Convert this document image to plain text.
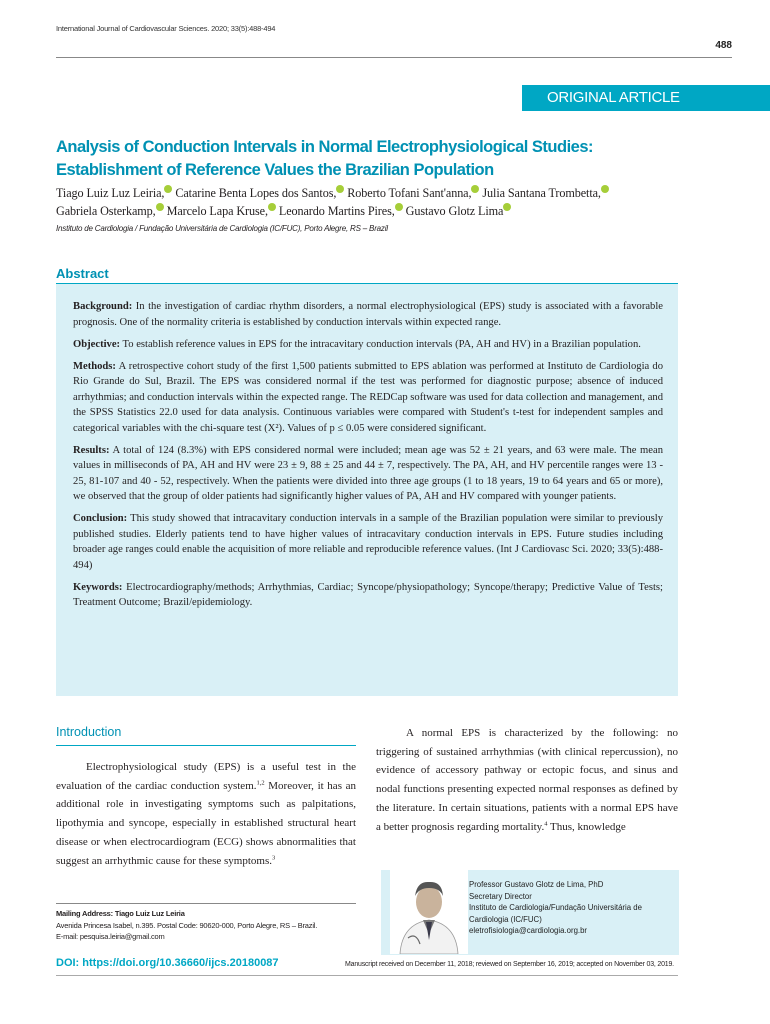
International Journal of Cardiovascular Sciences. 2020; 33(5):488-494
488
ORIGINAL ARTICLE
Analysis of Conduction Intervals in Normal Electrophysiological Studies: Establishment of Reference Values the Brazilian Population
Tiago Luiz Luz Leiria, Catarine Benta Lopes dos Santos, Roberto Tofani Sant'anna, Julia Santana Trombetta,
Gabriela Osterkamp, Marcelo Lapa Kruse, Leonardo Martins Pires, Gustavo Glotz Lima
Instituto de Cardiologia / Fundação Universitária de Cardiologia (IC/FUC), Porto Alegre, RS – Brazil
Abstract

Background: In the investigation of cardiac rhythm disorders, a normal electrophysiological (EPS) study is associated with a favorable prognosis. One of the normality criteria is established by conduction intervals within expected range.

Objective: To establish reference values in EPS for the intracavitary conduction intervals (PA, AH and HV) in a Brazilian population.

Methods: A retrospective cohort study of the first 1,500 patients submitted to EPS ablation was performed at Instituto de Cardiologia do Rio Grande do Sul, Brazil. The EPS was considered normal if the test was performed for diagnostic purpose; absence of induced arrhythmias; and conduction intervals within the expected range. The REDCap software was used for data collection and management, and the SPSS Statistics 22.0 used for data analysis. Continuous variables were compared with Student's t-test for independent samples and categorical variables with the chi-square test (X²). Values of p ≤ 0.05 were considered significant.

Results: A total of 124 (8.3%) with EPS considered normal were included; mean age was 52 ± 21 years, and 63 were male. The mean values in milliseconds of PA, AH and HV were 23 ± 9, 88 ± 25 and 44 ± 7, respectively. The PA, AH, and HV percentile ranges were 13 - 25, 81-107 and 40 - 52, respectively. When the patients were divided into three age groups (1 to 18 years, 19 to 64 years and 65 or more), we observed that the group of older patients had significantly higher values of PA, AH and HV compared with younger patients.

Conclusion: This study showed that intracavitary conduction intervals in a sample of the Brazilian population were similar to previously published studies. Elderly patients tend to have higher values of intracavitary conduction intervals in EPS. Future studies including broader age ranges could enable the acquisition of more reliable and reproducible reference values. (Int J Cardiovasc Sci. 2020; 33(5):488-494)

Keywords: Electrocardiography/methods; Arrhythmias, Cardiac; Syncope/physiopathology; Syncope/therapy; Predictive Value of Tests; Treatment Outcome; Brazil/epidemiology.

Introduction

Electrophysiological study (EPS) is a useful test in the evaluation of the cardiac conduction system.$^{1,2}$ Moreover, it has an additional role in investigating symptoms such as palpitations, lipothymia and syncope, especially in established structural heart disease or when electrocardiogram (ECG) shows abnormalities that suggest an arrhythmic cause for these symptoms.$^3$

A normal EPS is characterized by the following: no triggering of sustained arrhythmias (with clinical repercussion), no evidence of accessory pathway or ectopic focus, and sinus and nodal functions presenting expected normal responses as defined by the literature. In certain situations, patients with a normal EPS have a better prognosis regarding mortality.$^4$ Thus, knowledge

Mailing Address: Tiago Luiz Luz Leiria
Avenida Princesa Isabel, n.395. Postal Code: 90620-000, Porto Alegre, RS – Brazil.
E-mail: pesquisa.leiria@gmail.com
Professor Gustavo Glotz de Lima, PhD
Secretary Director
Instituto de Cardiologia/Fundação Universitária de Cardiologia (IC/FUC)
eletrofisiologia@cardiologia.org.br
DOI: https://doi.org/10.36660/ijcs.20180087	Manuscript received on December 11, 2018; reviewed on September 16, 2019; accepted on November 03, 2019.
